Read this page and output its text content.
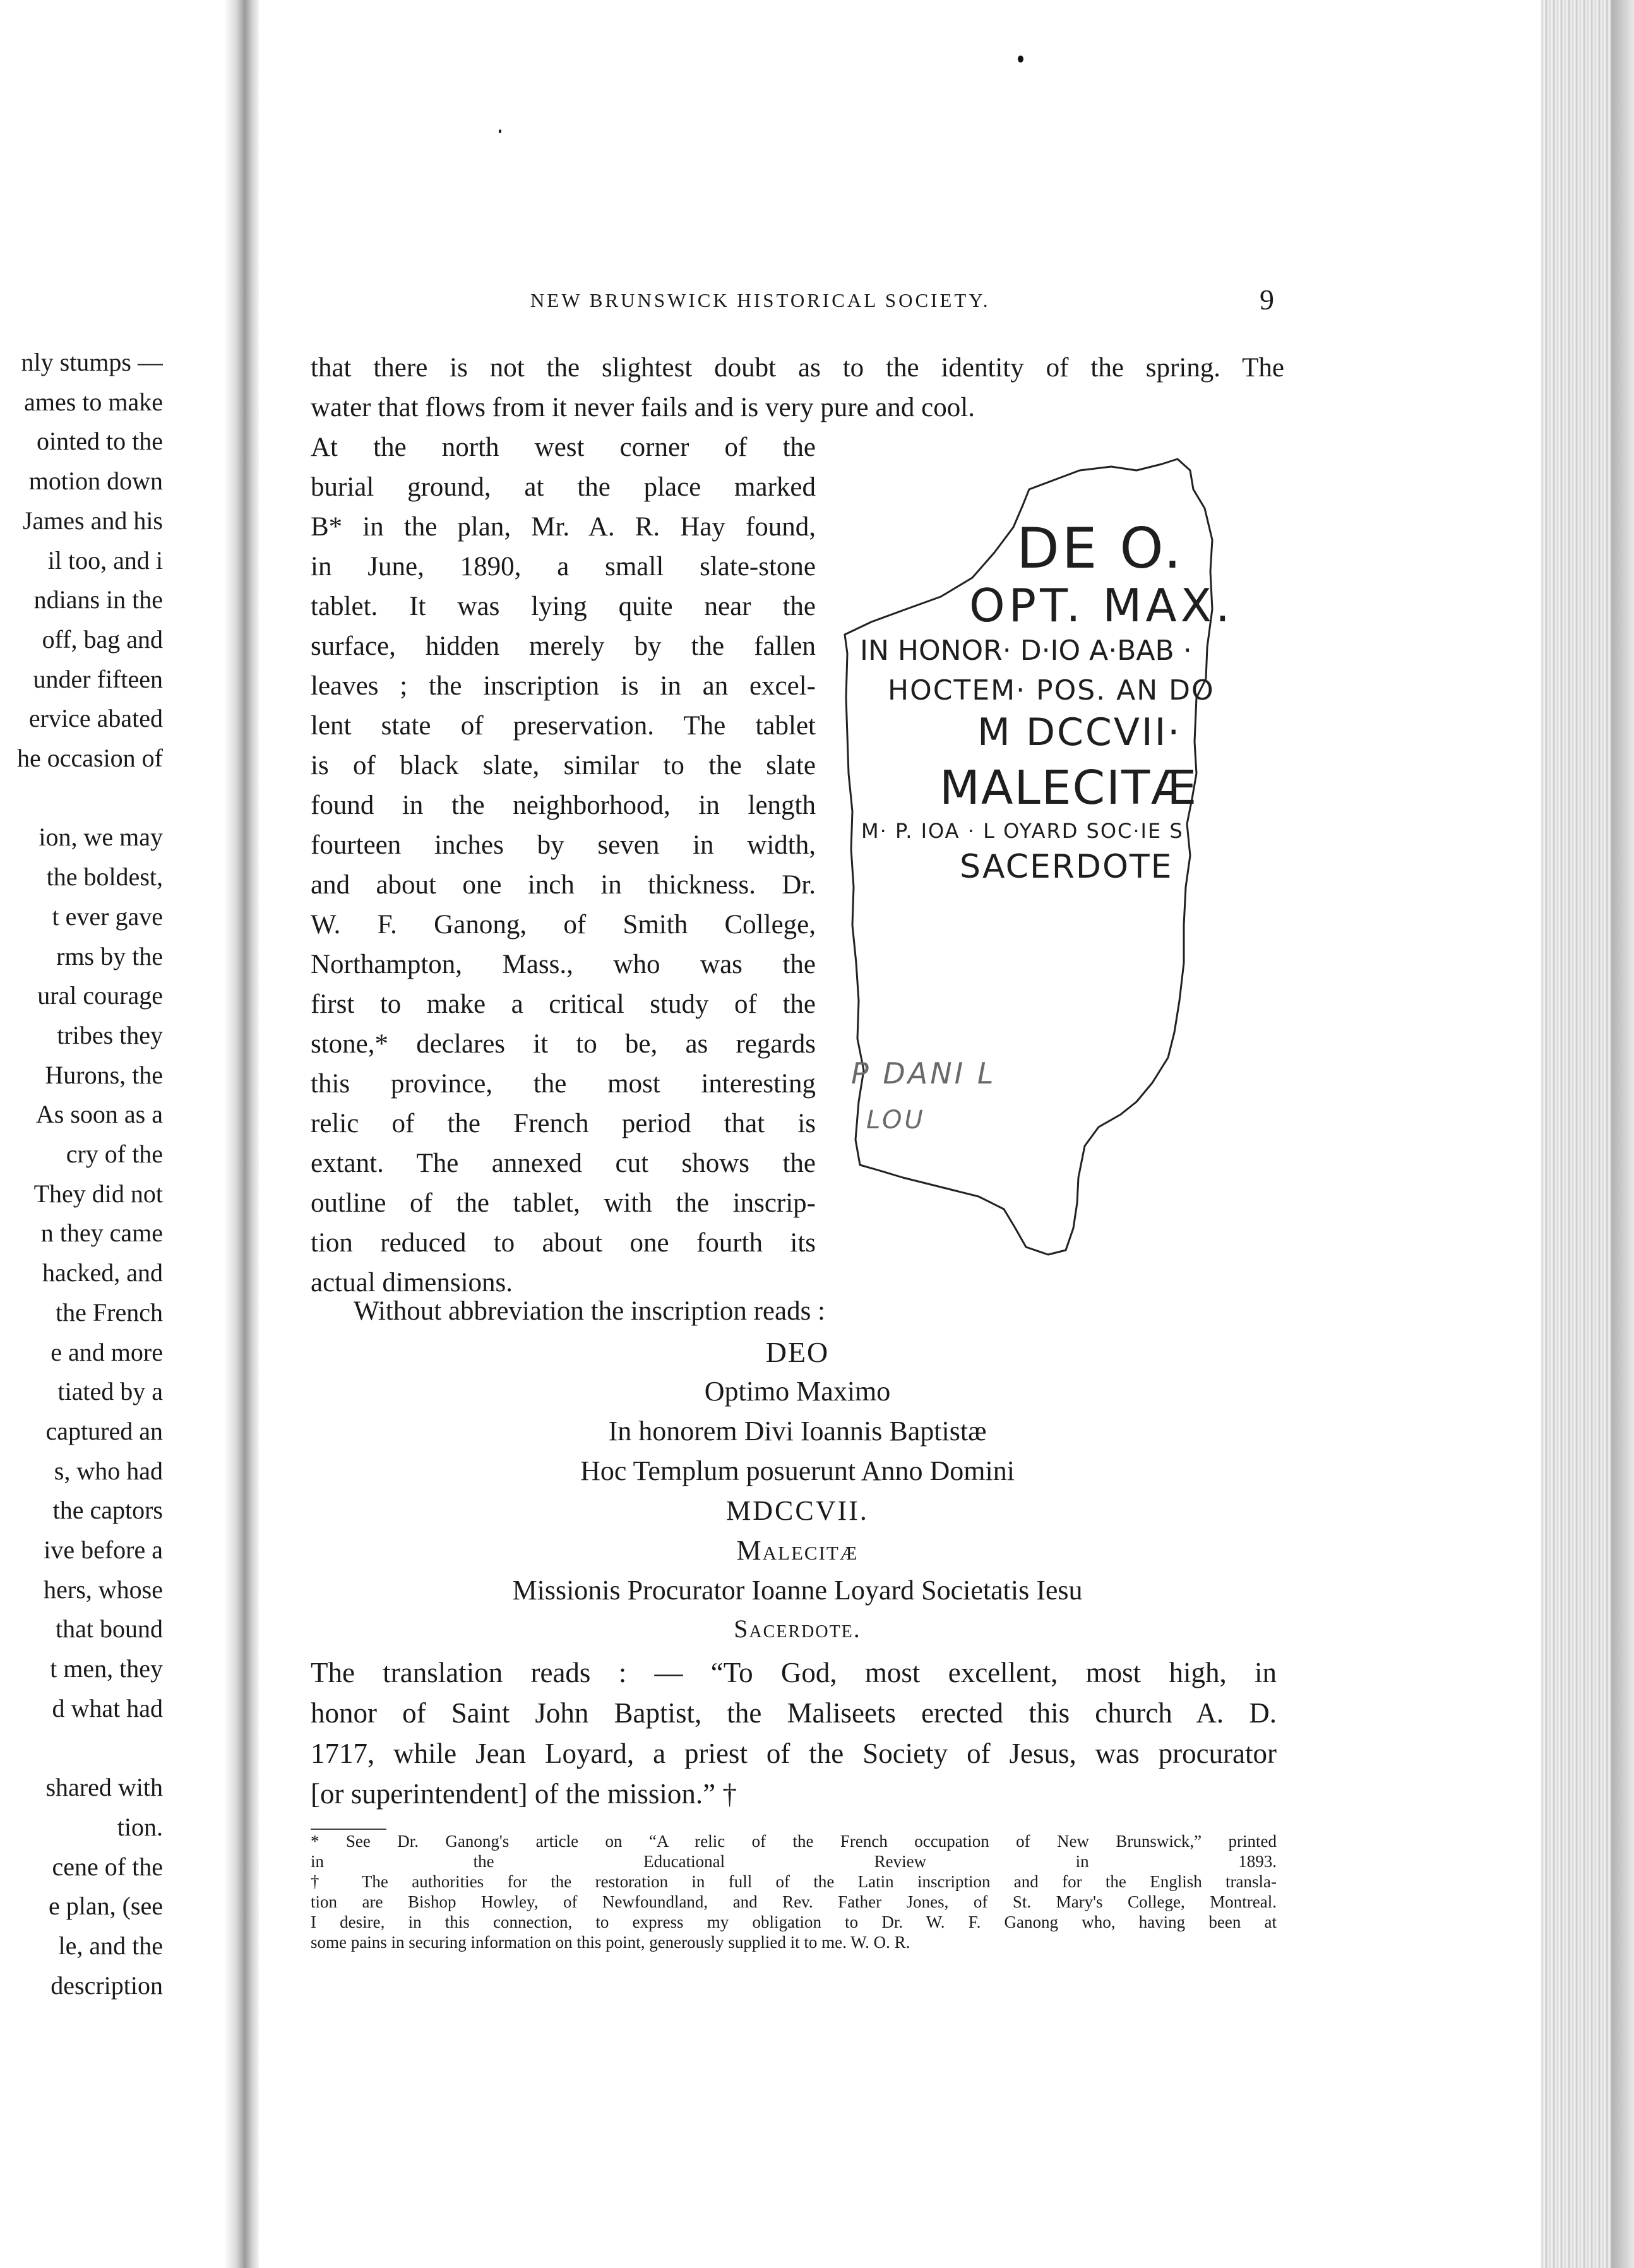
nly stumps —
ames to make
ointed to the
motion down
James and his
il too, and i
ndians in the
off, bag and
under fifteen
ervice abated
he occasion of
ion, we may
the boldest,
t ever gave
rms by the
ural courage
tribes they
Hurons, the
As soon as a
cry of the
They did not
n they came
hacked, and
the French
e and more
tiated by a
captured an
s, who had
the captors
ive before a
hers, whose
that bound
t men, they
d what had
shared with
tion.
cene of the
e plan, (see
le, and the
description
NEW BRUNSWICK HISTORICAL SOCIETY.	9
that there is not the slightest doubt as to the identity of the spring. The
water that flows from it never fails and is very pure and cool.
At the north west corner of the
burial ground, at the place marked
B* in the plan, Mr. A. R. Hay found,
in June, 1890, a small slate-stone
tablet. It was lying quite near the
surface, hidden merely by the fallen
leaves ; the inscription is in an excel-
lent state of preservation. The tablet
is of black slate, similar to the slate
found in the neighborhood, in length
fourteen inches by seven in width,
and about one inch in thickness. Dr.
W. F. Ganong, of Smith College,
Northampton, Mass., who was the
first to make a critical study of the
stone,* declares it to be, as regards
this province, the most interesting
relic of the French period that is
extant. The annexed cut shows the
outline of the tablet, with the inscrip-
tion reduced to about one fourth its
actual dimensions.
DE O.
OPT. MAX.
IN HONOR· D·IO A·BAB ·
HOCTEM· POS. AN DO
M DCCVII·
MALECITÆ
M· P. IOA · L OYARD SOC·IE S
SACERDOTE
P DANI L
LOU
Without abbreviation the inscription reads :
DEO
Optimo Maximo
In honorem Divi Ioannis Baptistæ
Hoc Templum posuerunt Anno Domini
MDCCVII.
Malecitæ
Missionis Procurator Ioanne Loyard Societatis Iesu
Sacerdote.
The translation reads : — “To God, most excellent, most high, in
honor of Saint John Baptist, the Maliseets erected this church A. D.
1717, while Jean Loyard, a priest of the Society of Jesus, was procurator
[or superintendent] of the mission.” †
* See Dr. Ganong's article on “A relic of the French occupation of New Brunswick,” printed
in the Educational Review in 1893.
† The authorities for the restoration in full of the Latin inscription and for the English transla-
tion are Bishop Howley, of Newfoundland, and Rev. Father Jones, of St. Mary's College, Montreal.
I desire, in this connection, to express my obligation to Dr. W. F. Ganong who, having been at
some pains in securing information on this point, generously supplied it to me. W. O. R.
